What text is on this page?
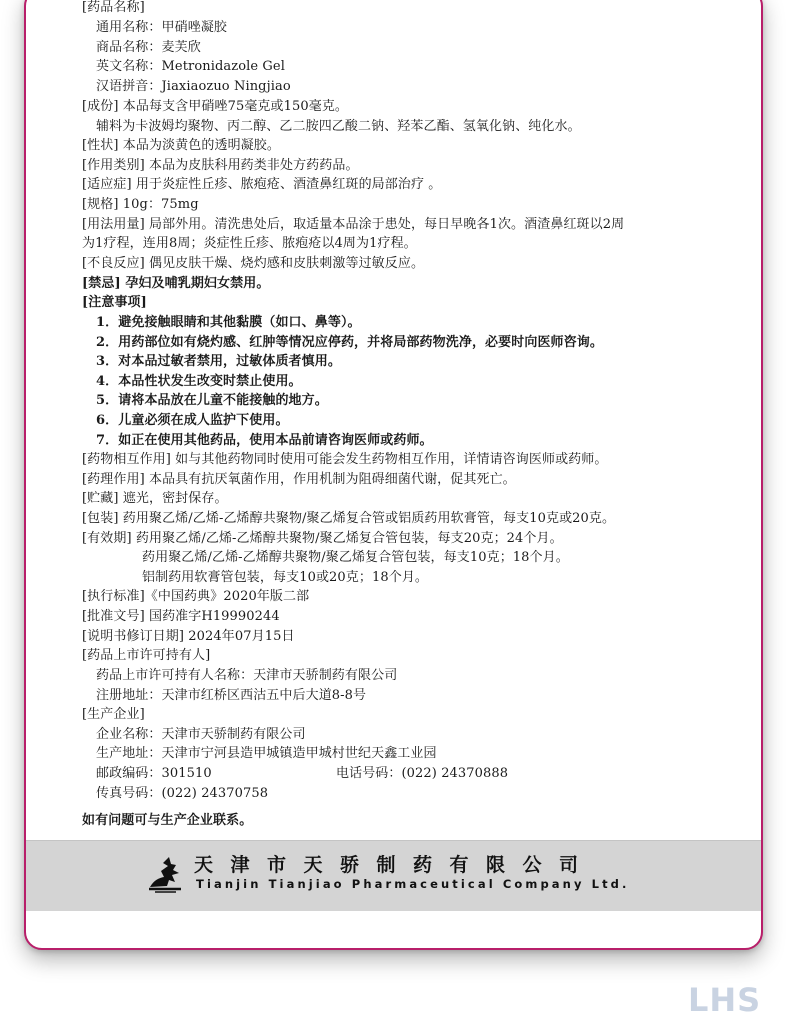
[药品名称]
通用名称：甲硝唑凝胶
商品名称：麦芙欣
英文名称：Metronidazole Gel
汉语拼音：Jiaxiaozuo Ningjiao
[成份] 本品每支含甲硝唑75毫克或150毫克。
辅料为卡波姆均聚物、丙二醇、乙二胺四乙酸二钠、羟苯乙酯、氢氧化钠、纯化水。
[性状] 本品为淡黄色的透明凝胶。
[作用类别] 本品为皮肤科用药类非处方药药品。
[适应症] 用于炎症性丘疹、脓疱疮、酒渣鼻红斑的局部治疗 。
[规格] 10g：75mg
[用法用量] 局部外用。清洗患处后，取适量本品涂于患处，每日早晚各1次。酒渣鼻红斑以2周
为1疗程，连用8周；炎症性丘疹、脓疱疮以4周为1疗程。
[不良反应] 偶见皮肤干燥、烧灼感和皮肤刺激等过敏反应。
[禁忌] 孕妇及哺乳期妇女禁用。
[注意事项]
1．避免接触眼睛和其他黏膜（如口、鼻等）。
2．用药部位如有烧灼感、红肿等情况应停药，并将局部药物洗净，必要时向医师咨询。
3．对本品过敏者禁用，过敏体质者慎用。
4．本品性状发生改变时禁止使用。
5．请将本品放在儿童不能接触的地方。
6．儿童必须在成人监护下使用。
7．如正在使用其他药品，使用本品前请咨询医师或药师。
[药物相互作用] 如与其他药物同时使用可能会发生药物相互作用，详情请咨询医师或药师。
[药理作用] 本品具有抗厌氧菌作用，作用机制为阻碍细菌代谢，促其死亡。
[贮藏] 遮光，密封保存。
[包装] 药用聚乙烯/乙烯-乙烯醇共聚物/聚乙烯复合管或铝质药用软膏管，每支10克或20克。
[有效期] 药用聚乙烯/乙烯-乙烯醇共聚物/聚乙烯复合管包装，每支20克；24个月。
药用聚乙烯/乙烯-乙烯醇共聚物/聚乙烯复合管包装，每支10克；18个月。
铝制药用软膏管包装，每支10或20克；18个月。
[执行标准]《中国药典》2020年版二部
[批准文号] 国药准字H19990244
[说明书修订日期] 2024年07月15日
[药品上市许可持有人]
药品上市许可持有人名称：天津市天骄制药有限公司
注册地址：天津市红桥区西沽五中后大道8-8号
[生产企业]
企业名称：天津市天骄制药有限公司
生产地址：天津市宁河县造甲城镇造甲城村世纪天鑫工业园
邮政编码：301510	电话号码：(022) 24370888
传真号码：(022) 24370758
如有问题可与生产企业联系。
天津市天骄制药有限公司
Tianjin Tianjiao Pharmaceutical Company Ltd.
LHS
